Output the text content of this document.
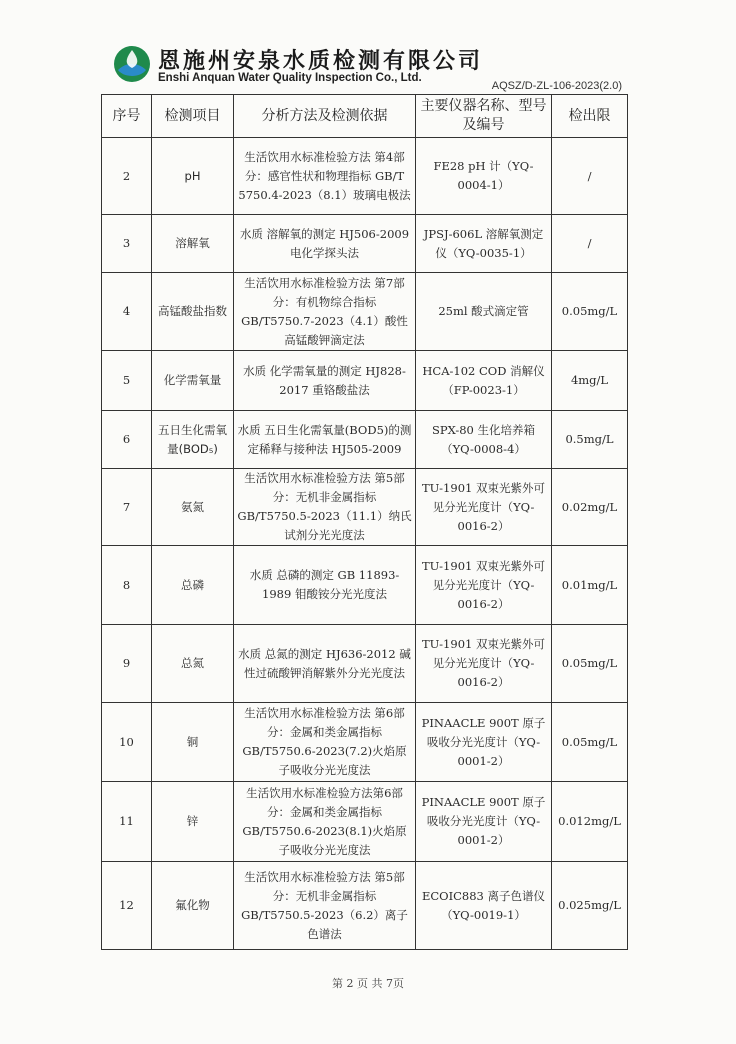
恩施州安泉水质检测有限公司
Enshi Anquan Water Quality Inspection Co., Ltd.
AQSZ/D-ZL-106-2023(2.0)
序号	检测项目	分析方法及检测依据	主要仪器名称、型号及编号	检出限
2	pH	生活饮用水标准检验方法 第4部分：感官性状和物理指标 GB/T 5750.4-2023（8.1）玻璃电极法	FE28 pH 计（YQ-0004-1）	/
3	溶解氧	水质 溶解氧的测定 HJ506-2009 电化学探头法	JPSJ-606L 溶解氧测定仪（YQ-0035-1）	/
4	高锰酸盐指数	生活饮用水标准检验方法 第7部分：有机物综合指标 GB/T5750.7-2023（4.1）酸性高锰酸钾滴定法	25ml 酸式滴定管	0.05mg/L
5	化学需氧量	水质 化学需氧量的测定 HJ828-2017 重铬酸盐法	HCA-102 COD 消解仪（FP-0023-1）	4mg/L
6	五日生化需氧量(BOD₅)	水质 五日生化需氧量(BOD5)的测定稀释与接种法 HJ505-2009	SPX-80 生化培养箱（YQ-0008-4）	0.5mg/L
7	氨氮	生活饮用水标准检验方法 第5部分：无机非金属指标 GB/T5750.5-2023（11.1）纳氏试剂分光光度法	TU-1901 双束光紫外可见分光光度计（YQ-0016-2）	0.02mg/L
8	总磷	水质 总磷的测定 GB 11893-1989 钼酸铵分光光度法	TU-1901 双束光紫外可见分光光度计（YQ-0016-2）	0.01mg/L
9	总氮	水质 总氮的测定 HJ636-2012 碱性过硫酸钾消解紫外分光光度法	TU-1901 双束光紫外可见分光光度计（YQ-0016-2）	0.05mg/L
10	铜	生活饮用水标准检验方法 第6部分：金属和类金属指标 GB/T5750.6-2023(7.2)火焰原子吸收分光光度法	PINAACLE 900T 原子吸收分光光度计（YQ-0001-2）	0.05mg/L
11	锌	生活饮用水标准检验方法第6部分：金属和类金属指标 GB/T5750.6-2023(8.1)火焰原子吸收分光光度法	PINAACLE 900T 原子吸收分光光度计（YQ-0001-2）	0.012mg/L
12	氟化物	生活饮用水标准检验方法 第5部分：无机非金属指标 GB/T5750.5-2023（6.2）离子色谱法	ECOIC883 离子色谱仪（YQ-0019-1）	0.025mg/L
第 2 页 共 7页
